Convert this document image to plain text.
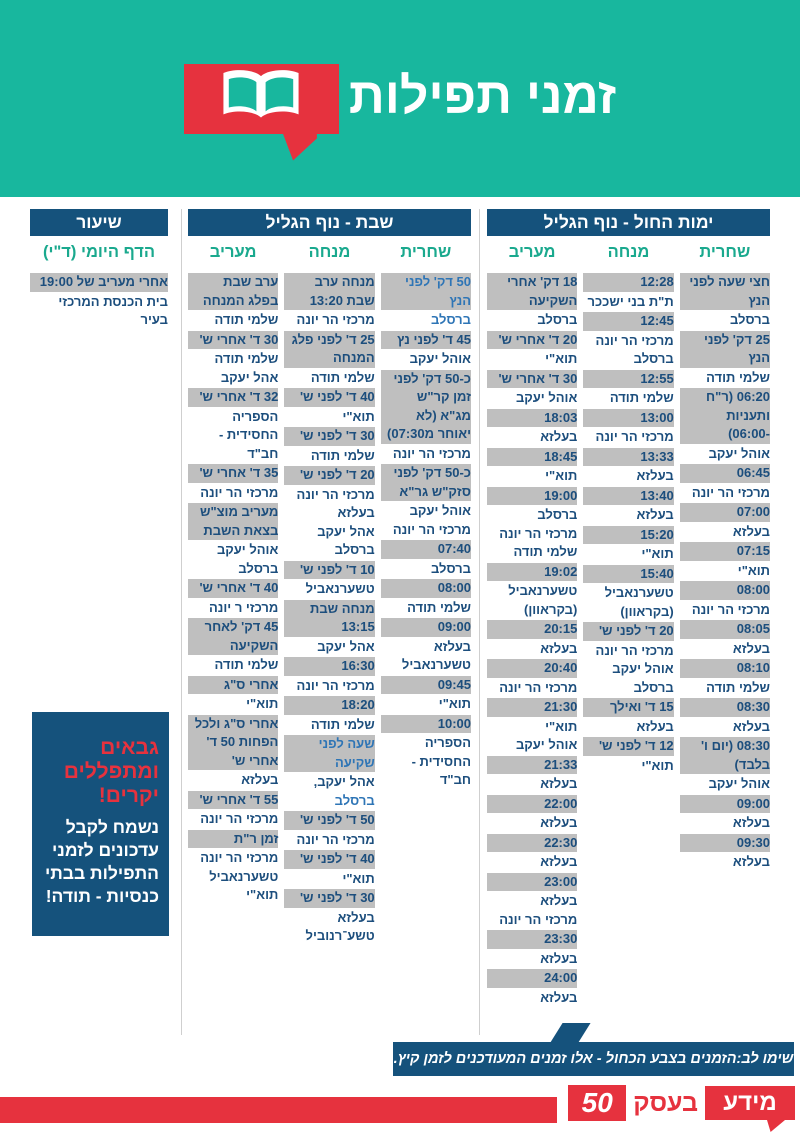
זמני תפילות
ימות החול - נוף הגליל
שחרית
חצי שעה לפני הנץ
ברסלב
25 דק' לפני הנץ
שלמי תודה
06:20 (ר"ח ותעניות -06:00)
אוהל יעקב
06:45
מרכזי הר יונה
07:00
בעלזא
07:15
תוא"י
08:00
מרכזי הר יונה
08:05
בעלזא
08:10
שלמי תודה
08:30
בעלזא
08:30 (יום ו' בלבד)
אוהל יעקב
09:00
בעלזא
09:30
בעלזא
מנחה
12:28
ת"ת בני ישככר
12:45
מרכזי הר יונה ברסלב
12:55
שלמי תודה
13:00
מרכזי הר יונה
13:33
בעלזא
13:40
בעלזא
15:20
תוא"י
15:40
טשערנאביל (בקראוון)
20 ד' לפני ש'
מרכזי הר יונה
אוהל יעקב
ברסלב
15 ד' ואילך
בעלזא
12 ד' לפני ש'
תוא"י
מעריב
18 דק' אחרי השקיעה
ברסלב
20 ד' אחרי ש'
תוא"י
30 ד' אחרי ש'
אוהל יעקב
18:03
בעלזא
18:45
תוא"י
19:00
ברסלב
מרכזי הר יונה
שלמי תודה
19:02
טשערנאביל (בקראוון)
20:15
בעלזא
20:40
מרכזי הר יונה
21:30
תוא"י
אוהל יעקב
21:33
בעלזא
22:00
בעלזא
22:30
בעלזא
23:00
בעלזא
מרכזי הר יונה
23:30
בעלזא
24:00
בעלזא
שבת - נוף הגליל
שחרית
50 דק' לפני הנץ
ברסלב
45 ד' לפני נץ
אוהל יעקב
כ-50 דק' לפני זמן קר"ש מג"א (לא יאוחר מ07:30)
מרכזי הר יונה
כ-50 דק' לפני סזק"ש גר"א
אוהל יעקב
מרכזי הר יונה
07:40
ברסלב
08:00
שלמי תודה
09:00
בעלזא
טשערנאביל
09:45
תוא"י
10:00
הספריה החסידית -חב"ד
מנחה
מנחה ערב שבת 13:20
מרכזי הר יונה
25 ד' לפני פלג המנחה
שלמי תודה
40 ד' לפני ש'
תוא"י
30 ד' לפני ש'
שלמי תודה
20 ד' לפני ש'
מרכזי הר יונה
בעלזא
אהל יעקב
ברסלב
10 ד' לפני ש'
טשערנאביל
מנחה שבת 13:15
אהל יעקב
16:30
מרכזי הר יונה
18:20
שלמי תודה
שעה לפני שקיעה
אהל יעקב,
ברסלב
50 ד' לפני ש'
מרכזי הר יונה
40 ד' לפני ש'
תוא"י
30 ד' לפני ש'
בעלזא טשע־רנוביל
מעריב
ערב שבת בפלג המנחה
שלמי תודה
30 ד' אחרי ש'
שלמי תודה
אהל יעקב
32 ד' אחרי ש'
הספריה החסידית - חב"ד
35 ד' אחרי ש'
מרכזי הר יונה
מעריב מוצ"ש בצאת השבת
אוהל יעקב
ברסלב
40 ד' אחרי ש'
מרכזי ר יונה
45 דק' לאחר השקיעה
שלמי תודה
אחרי ס"ג
תוא"י
אחרי ס"ג ולכל הפחות 50 ד' אחרי ש'
בעלזא
55 ד' אחרי ש'
מרכזי הר יונה
זמן ר"ת
מרכזי הר יונה
טשערנאביל
תוא"י
שיעור
הדף היומי (ד"י)
אחרי מעריב של 19:00
בית הכנסת המרכזי בעיר
גבאים ומתפללים יקרים!
נשמח לקבל עדכונים לזמני התפילות בבתי כנסיות - תודה!
שימו לב:הזמנים בצבע הכחול - אלו זמנים המעודכנים לזמן קיץ.
מידע
בעסק
50
